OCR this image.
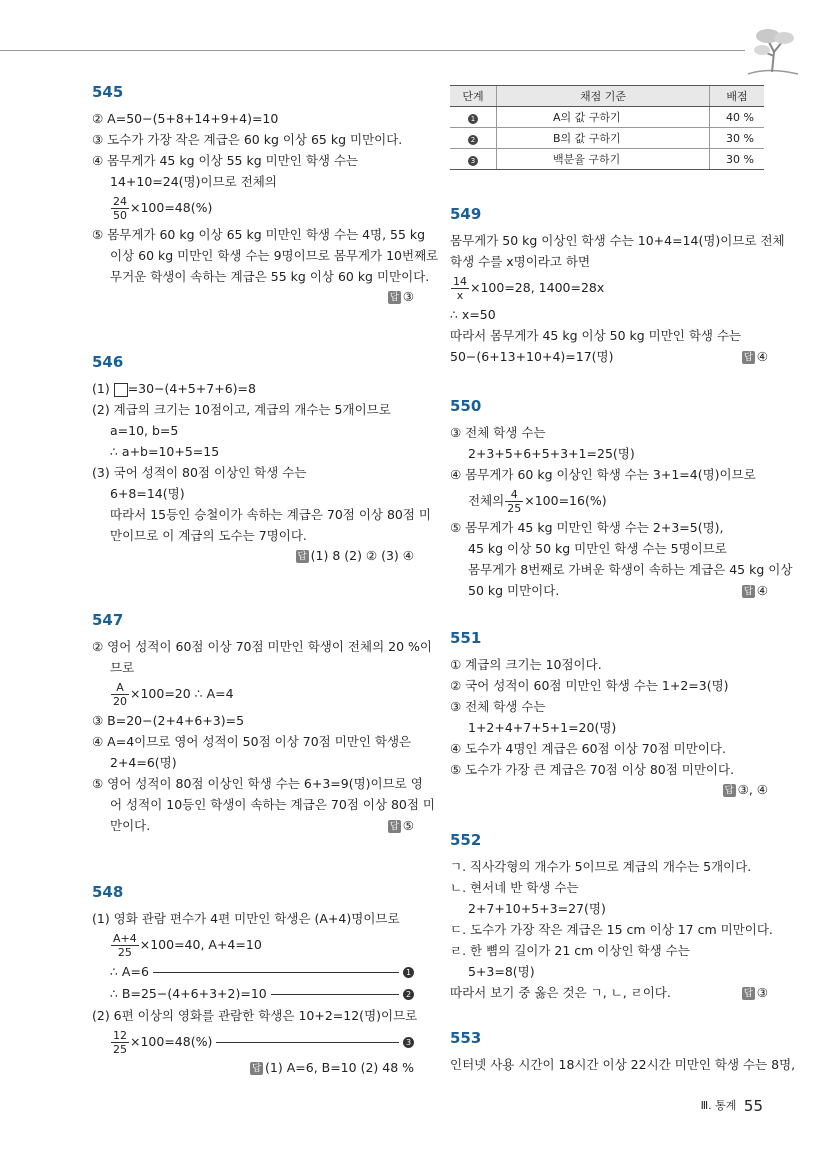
단계	채점 기준	배점
1	A의 값 구하기	40 %
2	B의 값 구하기	30 %
3	백분율 구하기	30 %
545
② A=50−(5+8+14+9+4)=10
③ 도수가 가장 작은 계급은 60 kg 이상 65 kg 미만이다.
④ 몸무게가 45 kg 이상 55 kg 미만인 학생 수는
14+10=24(명)이므로 전체의
$\frac{24}{50} \times 100=48(\%)$
⑤ 몸무게가 60 kg 이상 65 kg 미만인 학생 수는 4명, 55 kg
이상 60 kg 미만인 학생 수는 9명이므로 몸무게가 10번째로
무거운 학생이 속하는 계급은 55 kg 이상 60 kg 미만이다.
답 ③
546
(1) =30−(4+5+7+6)=8
(2) 계급의 크기는 10점이고, 계급의 개수는 5개이므로
a=10, b=5
∴ a+b=10+5=15
(3) 국어 성적이 80점 이상인 학생 수는
6+8=14(명)
따라서 15등인 승철이가 속하는 계급은 70점 이상 80점 미
만이므로 이 계급의 도수는 7명이다.
답 (1) 8 (2) ② (3) ④
547
② 영어 성적이 60점 이상 70점 미만인 학생이 전체의 20 %이
므로
$\frac{A}{20} \times 100=20$ ∴ A=4
③ B=20−(2+4+6+3)=5
④ A=4이므로 영어 성적이 50점 이상 70점 미만인 학생은
2+4=6(명)
⑤ 영어 성적이 80점 이상인 학생 수는 6+3=9(명)이므로 영
어 성적이 10등인 학생이 속하는 계급은 70점 이상 80점 미
만이다.	답 ⑤
548
(1) 영화 관람 편수가 4편 미만인 학생은 (A+4)명이므로
$\frac{A+4}{25} \times 100=40$, A+4=10
∴ A=6	1
∴ B=25−(4+6+3+2)=10	2
(2) 6편 이상의 영화를 관람한 학생은 10+2=12(명)이므로
$\frac{12}{25} \times 100=48(\%)$	3
답 (1) A=6, B=10 (2) 48 %
549
몸무게가 50 kg 이상인 학생 수는 10+4=14(명)이므로 전체
학생 수를 x명이라고 하면
$\frac{14}{x} \times 100=28$, 1400=28x
∴ x=50
따라서 몸무게가 45 kg 이상 50 kg 미만인 학생 수는
50−(6+13+10+4)=17(명)	답 ④
550
③ 전체 학생 수는
2+3+5+6+5+3+1=25(명)
④ 몸무게가 60 kg 이상인 학생 수는 3+1=4(명)이므로
전체의 $\frac{4}{25} \times 100=16(\%)$
⑤ 몸무게가 45 kg 미만인 학생 수는 2+3=5(명),
45 kg 이상 50 kg 미만인 학생 수는 5명이므로
몸무게가 8번째로 가벼운 학생이 속하는 계급은 45 kg 이상
50 kg 미만이다.	답 ④
551
① 계급의 크기는 10점이다.
② 국어 성적이 60점 미만인 학생 수는 1+2=3(명)
③ 전체 학생 수는
1+2+4+7+5+1=20(명)
④ 도수가 4명인 계급은 60점 이상 70점 미만이다.
⑤ 도수가 가장 큰 계급은 70점 이상 80점 미만이다.
답 ③, ④
552
ㄱ. 직사각형의 개수가 5이므로 계급의 개수는 5개이다.
ㄴ. 현서네 반 학생 수는
2+7+10+5+3=27(명)
ㄷ. 도수가 가장 작은 계급은 15 cm 이상 17 cm 미만이다.
ㄹ. 한 뼘의 길이가 21 cm 이상인 학생 수는
5+3=8(명)
따라서 보기 중 옳은 것은 ㄱ, ㄴ, ㄹ이다.	답 ③
553
인터넷 사용 시간이 18시간 이상 22시간 미만인 학생 수는 8명,
Ⅲ. 통계 55
